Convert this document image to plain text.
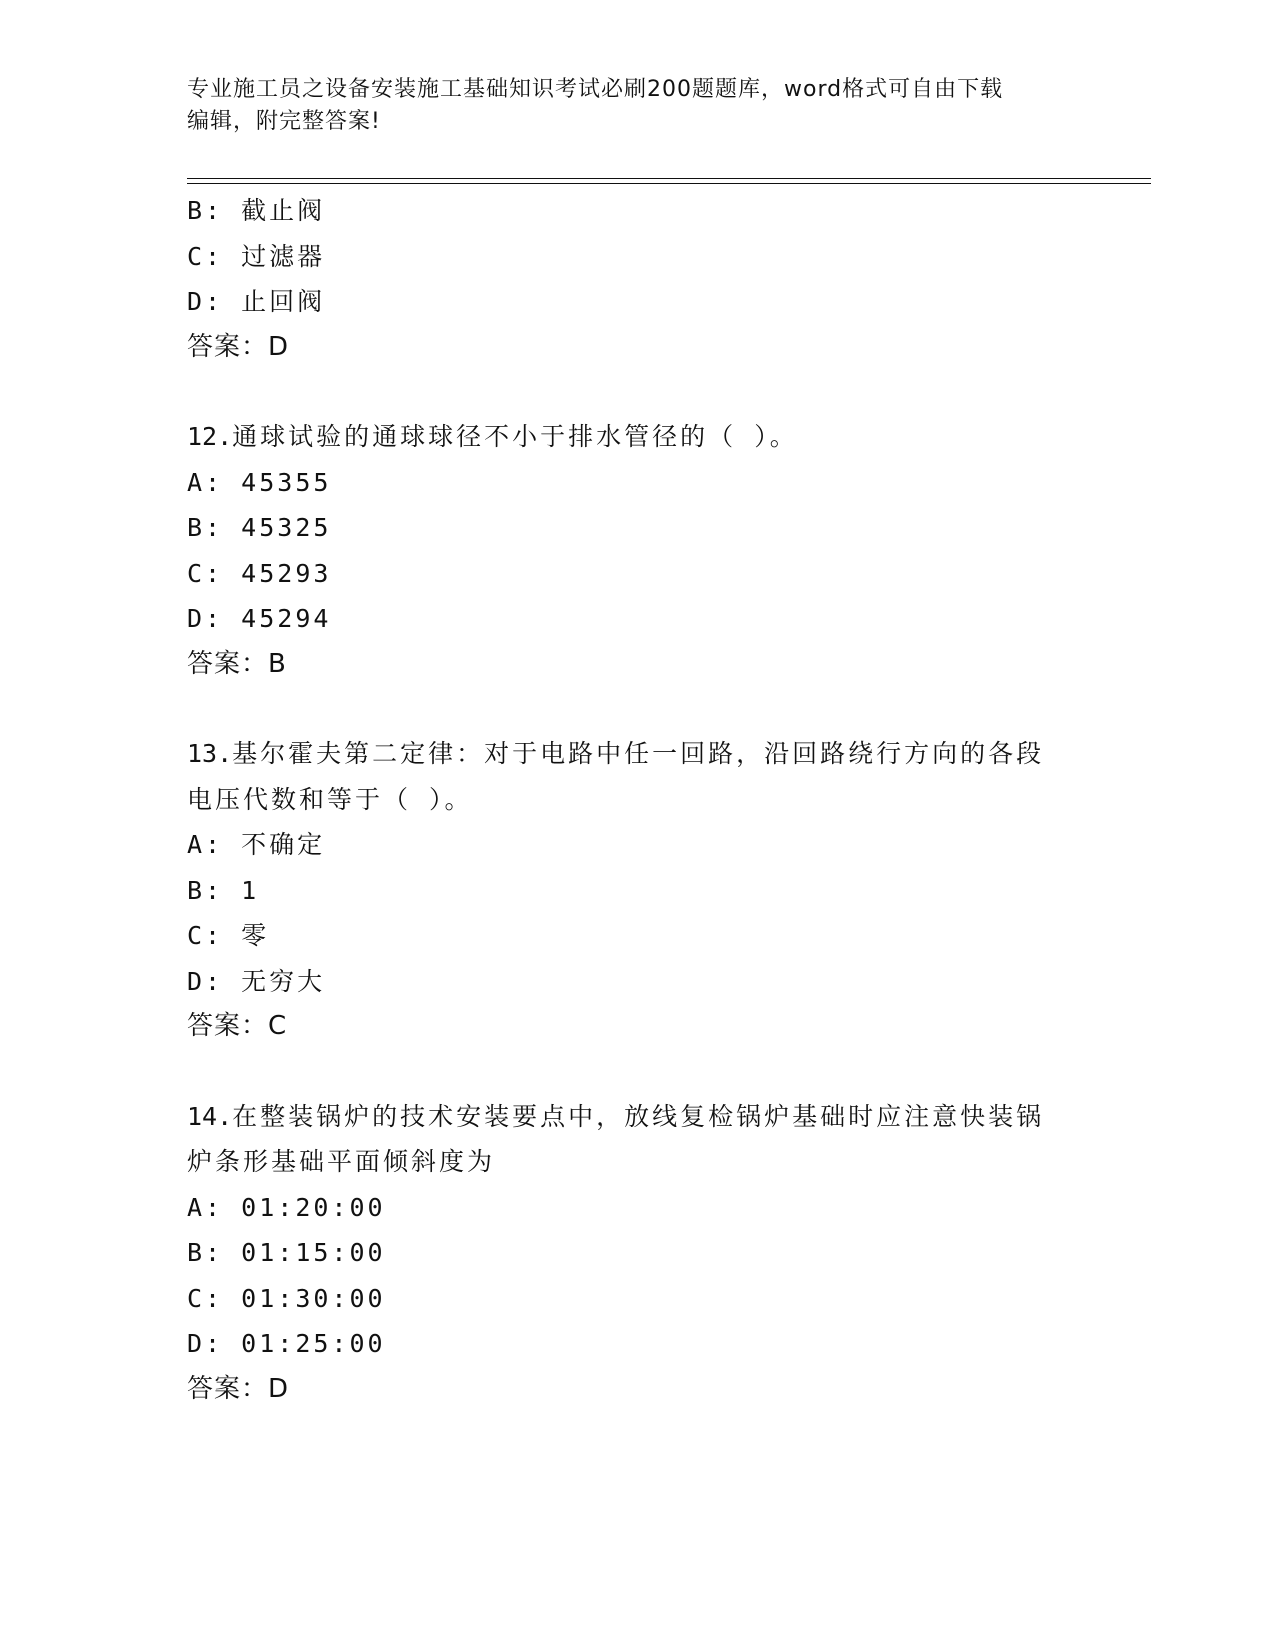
专业施工员之设备安装施工基础知识考试必刷200题题库，word格式可自由下载
编辑，附完整答案!
B: 截止阀
C: 过滤器
D: 止回阀
答案：D
12.通球试验的通球球径不小于排水管径的（ ）。
A: 45355
B: 45325
C: 45293
D: 45294
答案：B
13.基尔霍夫第二定律：对于电路中任一回路，沿回路绕行方向的各段
电压代数和等于（ ）。
A: 不确定
B: 1
C: 零
D: 无穷大
答案：C
14.在整装锅炉的技术安装要点中，放线复检锅炉基础时应注意快装锅
炉条形基础平面倾斜度为
A: 01:20:00
B: 01:15:00
C: 01:30:00
D: 01:25:00
答案：D
